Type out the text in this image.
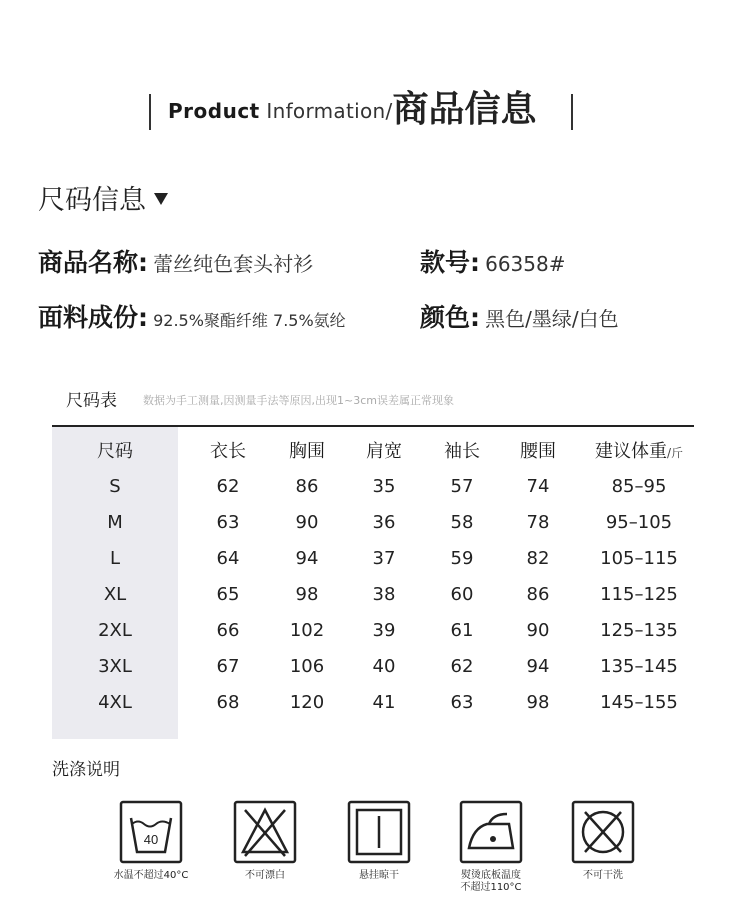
Product Information/商品信息
尺码信息
商品名称: 蕾丝纯色套头衬衫	款号: 66358#
面料成份: 92.5%聚酯纤维 7.5%氨纶	颜色: 黑色/墨绿/白色
尺码表 数据为手工测量,因测量手法等原因,出现1~3cm误差属正常现象
尺码	衣长	胸围	肩宽	袖长	腰围	建议体重/斤
S	62	86	35	57	74	85–95
M	63	90	36	58	78	95–105
L	64	94	37	59	82	105–115
XL	65	98	38	60	86	115–125
2XL	66	102	39	61	90	125–135
3XL	67	106	40	62	94	135–145
4XL	68	120	41	63	98	145–155
洗涤说明
40
水温不超过40°C	不可漂白	悬挂晾干	熨烫底板温度
不超过110°C
不可干洗
